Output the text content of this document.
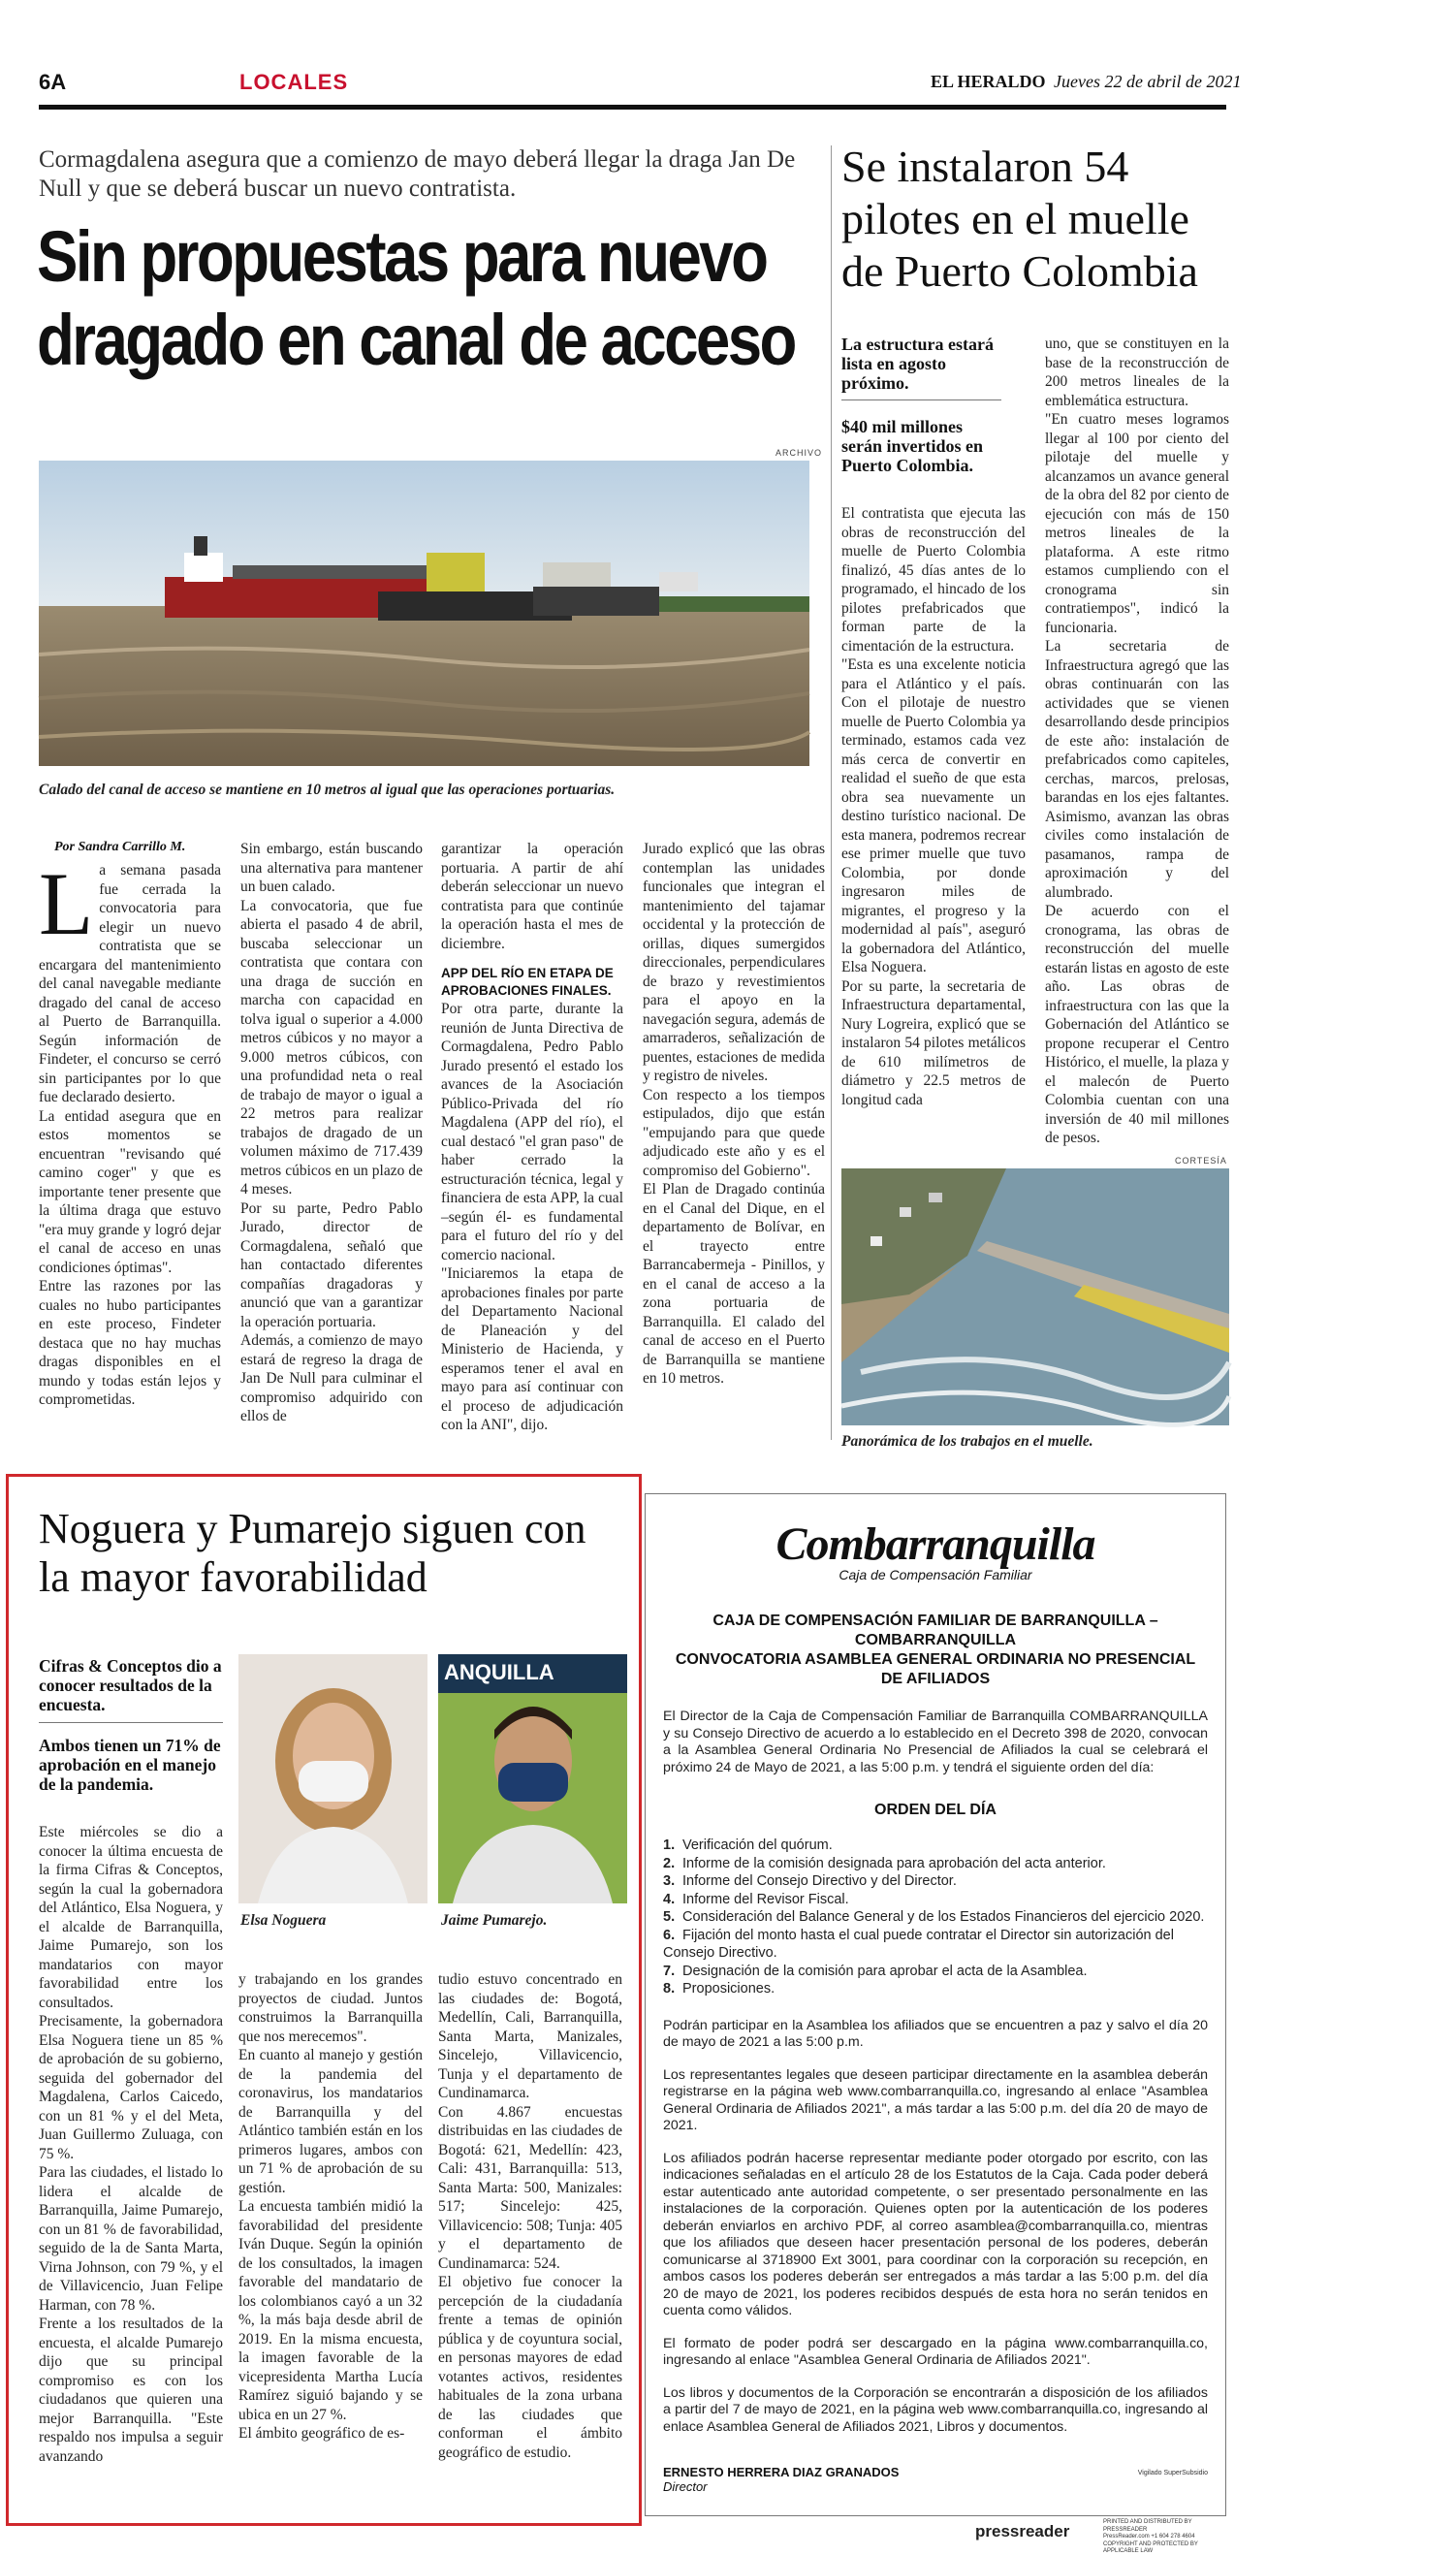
6A	LOCALES	EL HERALDO Jueves 22 de abril de 2021
Cormagdalena asegura que a comienzo de mayo deberá llegar la draga Jan De Null y que se deberá buscar un nuevo contratista.
Sin propuestas para nuevo dragado en canal de acceso
ARCHIVO
Calado del canal de acceso se mantiene en 10 metros al igual que las operaciones portuarias.
Por Sandra Carrillo M.
L a semana pasada fue cerrada la convocatoria para elegir un nuevo contratista que se encargara del mantenimiento del canal navegable mediante dragado del canal de acceso al Puerto de Barranquilla. Según información de Findeter, el concurso se cerró sin participantes por lo que fue declarado desierto.
La entidad asegura que en estos momentos se encuentran "revisando qué camino coger" y que es importante tener presente que la última draga que estuvo "era muy grande y logró dejar el canal de acceso en unas condiciones óptimas".
Entre las razones por las cuales no hubo participantes en este proceso, Findeter destaca que no hay muchas dragas disponibles en el mundo y todas están lejos y comprometidas.
Sin embargo, están buscando una alternativa para mantener un buen calado.
La convocatoria, que fue abierta el pasado 4 de abril, buscaba seleccionar un contratista que contara con una draga de succión en marcha con capacidad en tolva igual o superior a 4.000 metros cúbicos y no mayor a 9.000 metros cúbicos, con una profundidad neta o real de trabajo de mayor o igual a 22 metros para realizar trabajos de dragado de un volumen máximo de 717.439 metros cúbicos en un plazo de 4 meses.
Por su parte, Pedro Pablo Jurado, director de Cormagdalena, señaló que han contactado diferentes compañías dragadoras y anunció que van a garantizar la operación portuaria.
Además, a comienzo de mayo estará de regreso la draga de Jan De Null para culminar el compromiso adquirido con ellos de
garantizar la operación portuaria. A partir de ahí deberán seleccionar un nuevo contratista para que continúe la operación hasta el mes de diciembre.
APP DEL RÍO EN ETAPA DE APROBACIONES FINALES.
Por otra parte, durante la reunión de Junta Directiva de Cormagdalena, Pedro Pablo Jurado presentó el estado los avances de la Asociación Público-Privada del río Magdalena (APP del río), el cual destacó "el gran paso" de haber cerrado la estructuración técnica, legal y financiera de esta APP, la cual –según él- es fundamental para el futuro del río y del comercio nacional.
"Iniciaremos la etapa de aprobaciones finales por parte del Departamento Nacional de Planeación y del Ministerio de Hacienda, y esperamos tener el aval en mayo para así continuar con el proceso de adjudicación con la ANI", dijo.
Jurado explicó que las obras contemplan las unidades funcionales que integran el mantenimiento del tajamar occidental y la protección de orillas, diques sumergidos direccionales, perpendiculares de brazo y revestimientos para el apoyo en la navegación segura, además de amarraderos, señalización de puentes, estaciones de medida y registro de niveles.
Con respecto a los tiempos estipulados, dijo que están "empujando para que quede adjudicado este año y es el compromiso del Gobierno".
El Plan de Dragado continúa en el Canal del Dique, en el departamento de Bolívar, en el trayecto entre Barrancabermeja - Pinillos, y en el canal de acceso a la zona portuaria de Barranquilla. El calado del canal de acceso en el Puerto de Barranquilla se mantiene en 10 metros.
Se instalaron 54 pilotes en el muelle de Puerto Colombia
La estructura estará lista en agosto próximo.
$40 mil millones serán invertidos en Puerto Colombia.
El contratista que ejecuta las obras de reconstrucción del muelle de Puerto Colombia finalizó, 45 días antes de lo programado, el hincado de los pilotes prefabricados que forman parte de la cimentación de la estructura.
"Esta es una excelente noticia para el Atlántico y el país. Con el pilotaje de nuestro muelle de Puerto Colombia ya terminado, estamos cada vez más cerca de convertir en realidad el sueño de que esta obra sea nuevamente un destino turístico nacional. De esta manera, podremos recrear ese primer muelle que tuvo Colombia, por donde ingresaron miles de migrantes, el progreso y la modernidad al país", aseguró la gobernadora del Atlántico, Elsa Noguera.
Por su parte, la secretaria de Infraestructura departamental, Nury Logreira, explicó que se instalaron 54 pilotes metálicos de 610 milímetros de diámetro y 22.5 metros de longitud cada
uno, que se constituyen en la base de la reconstrucción de 200 metros lineales de la emblemática estructura.
"En cuatro meses logramos llegar al 100 por ciento del pilotaje del muelle y alcanzamos un avance general de la obra del 82 por ciento de ejecución con más de 150 metros lineales de la plataforma. A este ritmo estamos cumpliendo con el cronograma sin contratiempos", indicó la funcionaria.
La secretaria de Infraestructura agregó que las obras continuarán con las actividades que se vienen desarrollando desde principios de este año: instalación de prefabricados como capiteles, cerchas, marcos, prelosas, barandas en los ejes faltantes. Asimismo, avanzan las obras civiles como instalación de pasamanos, rampa de aproximación y del alumbrado.
De acuerdo con el cronograma, las obras de reconstrucción del muelle estarán listas en agosto de este año. Las obras de infraestructura con las que la Gobernación del Atlántico se propone recuperar el Centro Histórico, el muelle, la plaza y el malecón de Puerto Colombia cuentan con una inversión de 40 mil millones de pesos.
CORTESÍA
Panorámica de los trabajos en el muelle.
Noguera y Pumarejo siguen con la mayor favorabilidad
Cifras & Conceptos dio a conocer resultados de la encuesta.
Ambos tienen un 71% de aprobación en el manejo de la pandemia.
ANQUILLA
Elsa Noguera	Jaime Pumarejo.
Este miércoles se dio a conocer la última encuesta de la firma Cifras & Conceptos, según la cual la gobernadora del Atlántico, Elsa Noguera, y el alcalde de Barranquilla, Jaime Pumarejo, son los mandatarios con mayor favorabilidad entre los consultados.
Precisamente, la gobernadora Elsa Noguera tiene un 85 % de aprobación de su gobierno, seguida del gobernador del Magdalena, Carlos Caicedo, con un 81 % y el del Meta, Juan Guillermo Zuluaga, con 75 %.
Para las ciudades, el listado lo lidera el alcalde de Barranquilla, Jaime Pumarejo, con un 81 % de favorabilidad, seguido de la de Santa Marta, Virna Johnson, con 79 %, y el de Villavicencio, Juan Felipe Harman, con 78 %.
Frente a los resultados de la encuesta, el alcalde Pumarejo dijo que su principal compromiso es con los ciudadanos que quieren una mejor Barranquilla. "Este respaldo nos impulsa a seguir avanzando
y trabajando en los grandes proyectos de ciudad. Juntos construimos la Barranquilla que nos merecemos".
En cuanto al manejo y gestión de la pandemia del coronavirus, los mandatarios de Barranquilla y del Atlántico también están en los primeros lugares, ambos con un 71 % de aprobación de su gestión.
La encuesta también midió la favorabilidad del presidente Iván Duque. Según la opinión de los consultados, la imagen favorable del mandatario de los colombianos cayó a un 32 %, la más baja desde abril de 2019. En la misma encuesta, la imagen favorable de la vicepresidenta Martha Lucía Ramírez siguió bajando y se ubica en un 27 %.
El ámbito geográfico de es-
tudio estuvo concentrado en las ciudades de: Bogotá, Medellín, Cali, Barranquilla, Santa Marta, Manizales, Sincelejo, Villavicencio, Tunja y el departamento de Cundinamarca.
Con 4.867 encuestas distribuidas en las ciudades de Bogotá: 621, Medellín: 423, Cali: 431, Barranquilla: 513, Santa Marta: 500, Manizales: 517; Sincelejo: 425, Villavicencio: 508; Tunja: 405 y el departamento de Cundinamarca: 524.
El objetivo fue conocer la percepción de la ciudadanía frente a temas de opinión pública y de coyuntura social, en personas mayores de edad votantes activos, residentes habituales de la zona urbana de las ciudades que conforman el ámbito geográfico de estudio.
Combarranquilla
Caja de Compensación Familiar
CAJA DE COMPENSACIÓN FAMILIAR DE BARRANQUILLA –
COMBARRANQUILLA
CONVOCATORIA ASAMBLEA GENERAL ORDINARIA NO PRESENCIAL
DE AFILIADOS

El Director de la Caja de Compensación Familiar de Barranquilla COMBARRANQUILLA y su Consejo Directivo de acuerdo a lo establecido en el Decreto 398 de 2020, convocan a la Asamblea General Ordinaria No Presencial de Afiliados la cual se celebrará el próximo 24 de Mayo de 2021, a las 5:00 p.m. y tendrá el siguiente orden del día:

ORDEN DEL DÍA
1. Verificación del quórum.
2. Informe de la comisión designada para aprobación del acta anterior.
3. Informe del Consejo Directivo y del Director.
4. Informe del Revisor Fiscal.
5. Consideración del Balance General y de los Estados Financieros del ejercicio 2020.
6. Fijación del monto hasta el cual puede contratar el Director sin autorización del Consejo Directivo.
7. Designación de la comisión para aprobar el acta de la Asamblea.
8. Proposiciones.

Podrán participar en la Asamblea los afiliados que se encuentren a paz y salvo el día 20 de mayo de 2021 a las 5:00 p.m.

Los representantes legales que deseen participar directamente en la asamblea deberán registrarse en la página web www.combarranquilla.co, ingresando al enlace "Asamblea General Ordinaria de Afiliados 2021", a más tardar a las 5:00 p.m. del día 20 de mayo de 2021.

Los afiliados podrán hacerse representar mediante poder otorgado por escrito, con las indicaciones señaladas en el artículo 28 de los Estatutos de la Caja. Cada poder deberá estar autenticado ante autoridad competente, o ser presentado personalmente en las instalaciones de la corporación. Quienes opten por la autenticación de los poderes deberán enviarlos en archivo PDF, al correo asamblea@combarranquilla.co, mientras que los afiliados que deseen hacer presentación personal de los poderes, deberán comunicarse al 3718900 Ext 3001, para coordinar con la corporación su recepción, en ambos casos los poderes deberán ser entregados a más tardar a las 5:00 p.m. del día 20 de mayo de 2021, los poderes recibidos después de esta hora no serán tenidos en cuenta como válidos.

El formato de poder podrá ser descargado en la página www.combarranquilla.co, ingresando al enlace "Asamblea General Ordinaria de Afiliados 2021".

Los libros y documentos de la Corporación se encontrarán a disposición de los afiliados a partir del 7 de mayo de 2021, en la página web www.combarranquilla.co, ingresando al enlace Asamblea General de Afiliados 2021, Libros y documentos.

ERNESTO HERRERA DIAZ GRANADOS
Director
Vigilado SuperSubsidio
pressreader	PRINTED AND DISTRIBUTED BY PRESSREADER
PressReader.com +1 604 278 4604
COPYRIGHT AND PROTECTED BY APPLICABLE LAW
